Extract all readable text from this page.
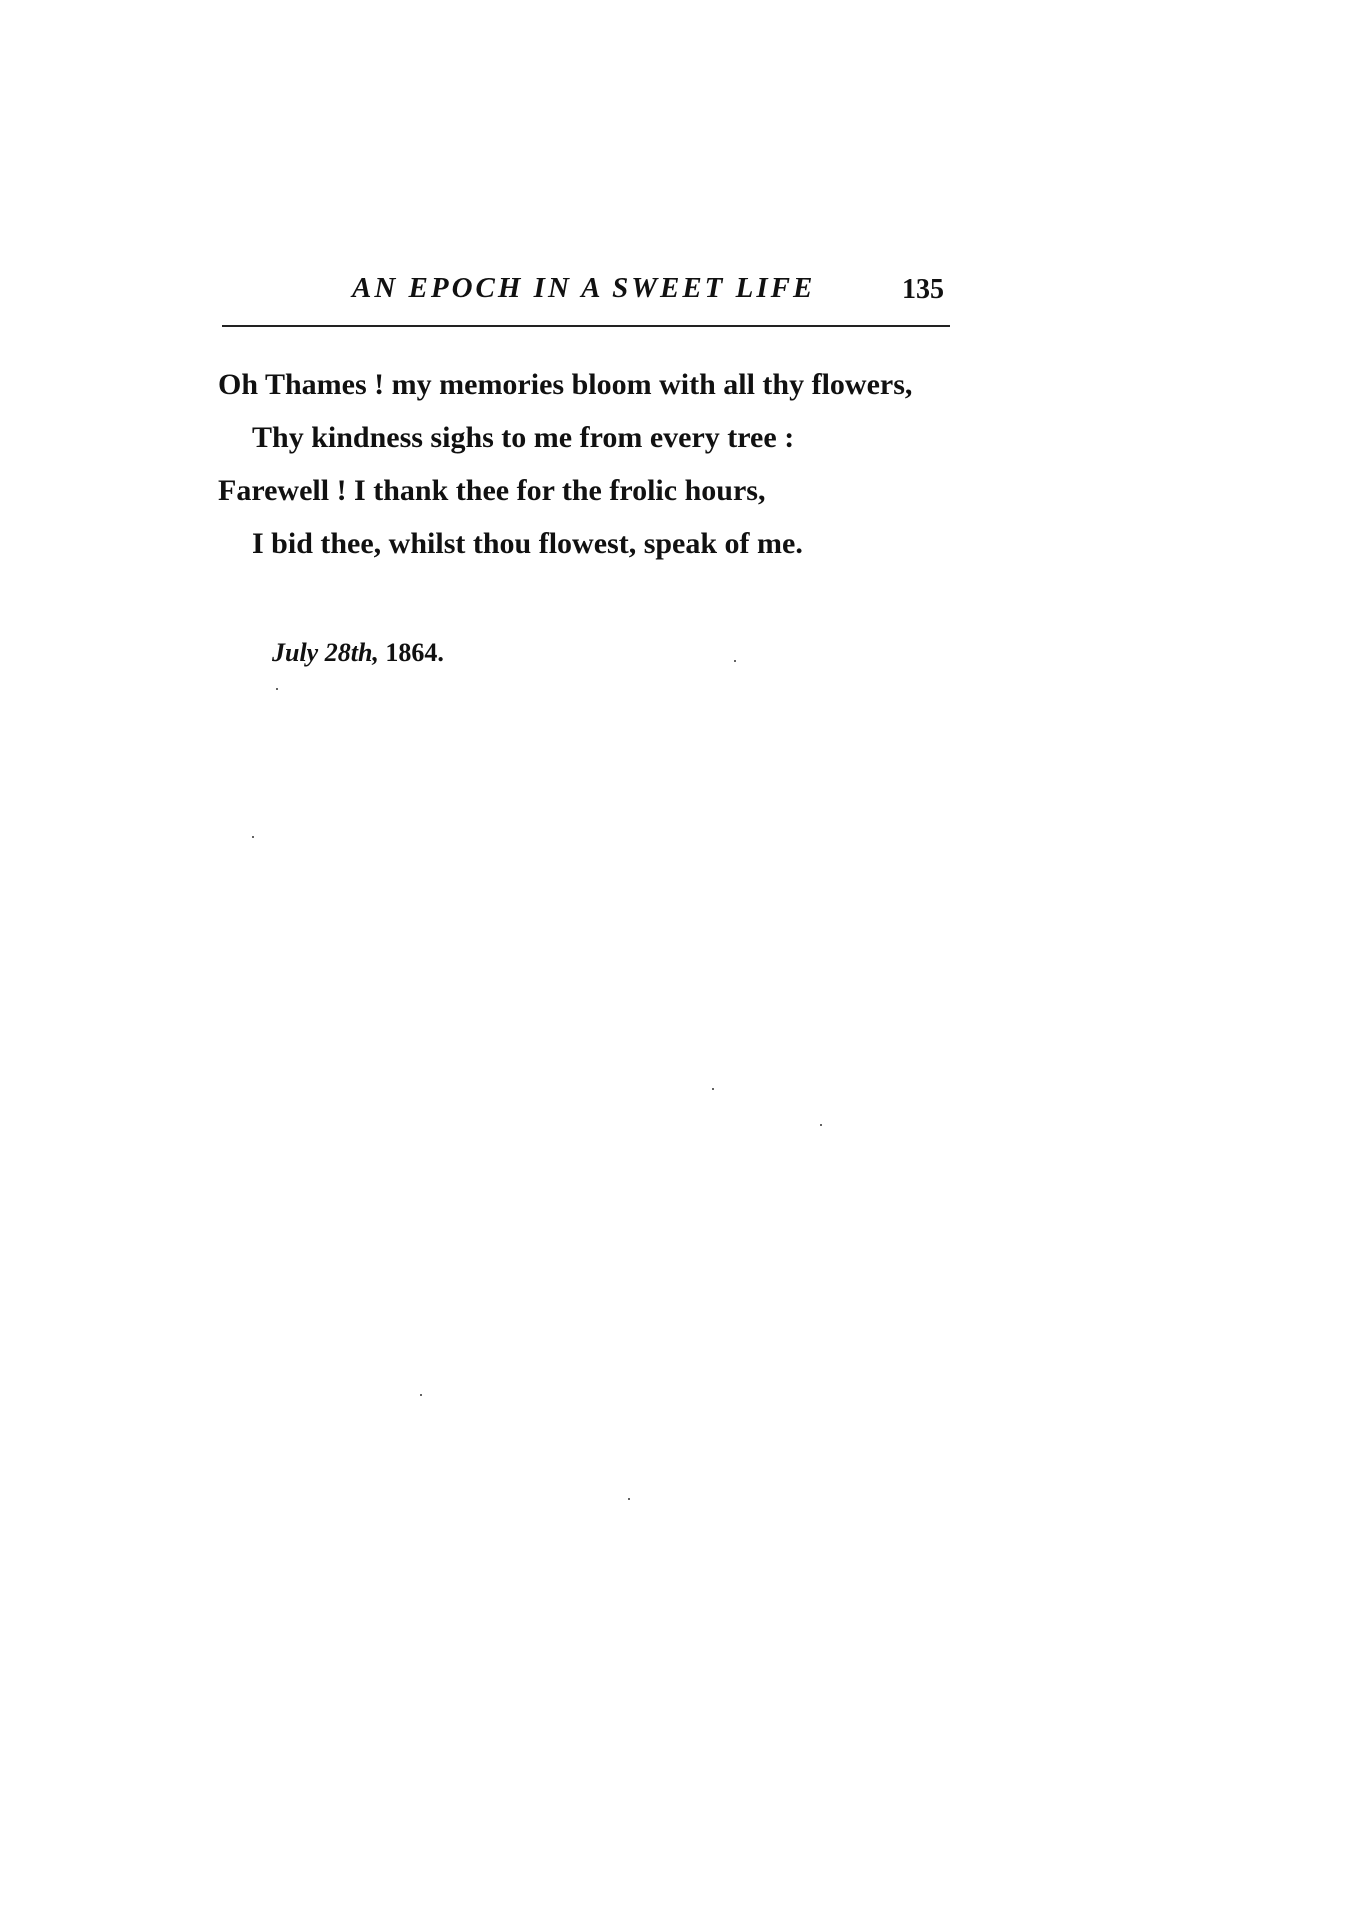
AN EPOCH IN A SWEET LIFE	135
Oh Thames ! my memories bloom with all thy flowers,
Thy kindness sighs to me from every tree :
Farewell ! I thank thee for the frolic hours,
I bid thee, whilst thou flowest, speak of me.
July 28th, 1864.
